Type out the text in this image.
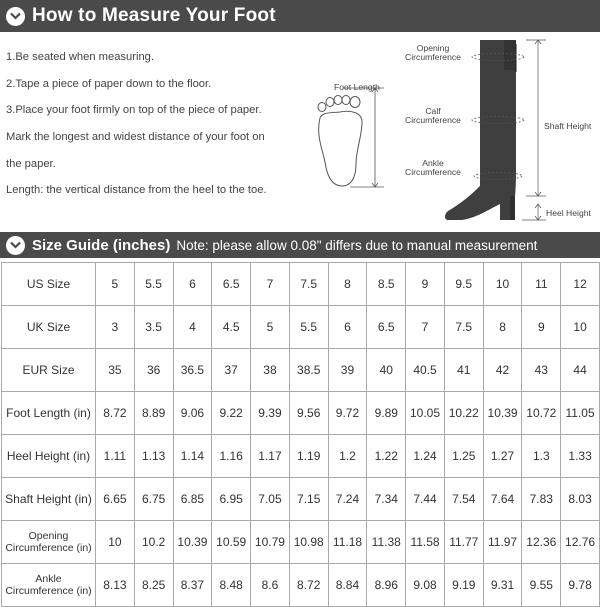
How to Measure Your Foot
1.Be seated when measuring.
2.Tape a piece of paper down to the floor.
3.Place your foot firmly on top of the piece of paper.
Mark the longest and widest distance of your foot on
the paper.
Length: the vertical distance from the heel to the toe.
Foot Length
Opening Circumference
Calf Circumference
Ankle Circumference
Shaft Height
Heel Height
Size Guide (inches) Note: please allow 0.08" differs due to manual measurement
US Size	5	5.5	6	6.5	7	7.5	8	8.5	9	9.5	10	11	12
UK Size	3	3.5	4	4.5	5	5.5	6	6.5	7	7.5	8	9	10
EUR Size	35	36	36.5	37	38	38.5	39	40	40.5	41	42	43	44
Foot Length (in)	8.72	8.89	9.06	9.22	9.39	9.56	9.72	9.89	10.05	10.22	10.39	10.72	11.05
Heel Height (in)	1.11	1.13	1.14	1.16	1.17	1.19	1.2	1.22	1.24	1.25	1.27	1.3	1.33
Shaft Height (in)	6.65	6.75	6.85	6.95	7.05	7.15	7.24	7.34	7.44	7.54	7.64	7.83	8.03
Opening Circumference (in)	10	10.2	10.39	10.59	10.79	10.98	11.18	11.38	11.58	11.77	11.97	12.36	12.76
Ankle Circumference (in)	8.13	8.25	8.37	8.48	8.6	8.72	8.84	8.96	9.08	9.19	9.31	9.55	9.78
